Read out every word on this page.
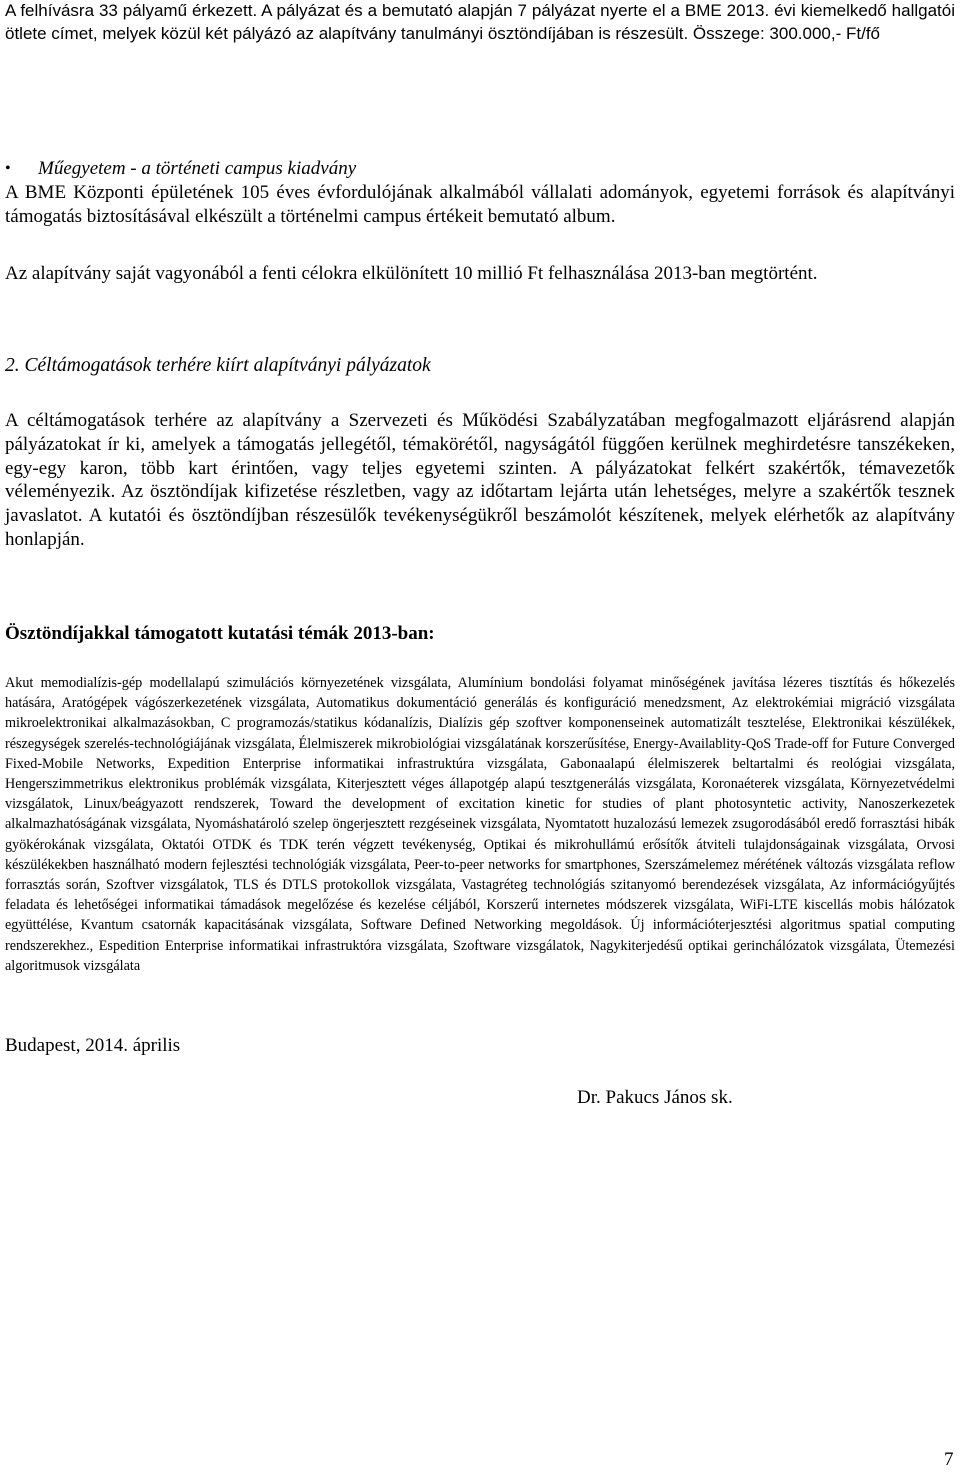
A felhívásra 33 pályamű érkezett. A pályázat és a bemutató alapján 7 pályázat nyerte el a BME 2013. évi kiemelkedő hallgatói ötlete címet, melyek közül két pályázó az alapítvány tanulmányi ösztöndíjában is részesült. Összege: 300.000,- Ft/fő

• Műegyetem - a történeti campus kiadvány

A BME Központi épületének 105 éves évfordulójának alkalmából vállalati adományok, egyetemi források és alapítványi támogatás biztosításával elkészült a történelmi campus értékeit bemutató album.

Az alapítvány saját vagyonából a fenti célokra elkülönített 10 millió Ft felhasználása 2013-ban megtörtént.

2. Céltámogatások terhére kiírt alapítványi pályázatok

A céltámogatások terhére az alapítvány a Szervezeti és Működési Szabályzatában megfogalmazott eljárásrend alapján pályázatokat ír ki, amelyek a támogatás jellegétől, témakörétől, nagyságától függően kerülnek meghirdetésre tanszékeken, egy-egy karon, több kart érintően, vagy teljes egyetemi szinten. A pályázatokat felkért szakértők, témavezetők véleményezik. Az ösztöndíjak kifizetése részletben, vagy az időtartam lejárta után lehetséges, melyre a szakértők tesznek javaslatot. A kutatói és ösztöndíjban részesülők tevékenységükről beszámolót készítenek, melyek elérhetők az alapítvány honlapján.

Ösztöndíjakkal támogatott kutatási témák 2013-ban:

Akut memodialízis-gép modellalapú szimulációs környezetének vizsgálata, Alumínium bondolási folyamat minőségének javítása lézeres tisztítás és hőkezelés hatására, Aratógépek vágószerkezetének vizsgálata, Automatikus dokumentáció generálás és konfiguráció menedzsment, Az elektrokémiai migráció vizsgálata mikroelektronikai alkalmazásokban, C programozás/statikus kódanalízis, Dialízis gép szoftver komponenseinek automatizált tesztelése, Elektronikai készülékek, részegységek szerelés-technológiájának vizsgálata, Élelmiszerek mikrobiológiai vizsgálatának korszerűsítése, Energy-Availablity-QoS Trade-off for Future Converged Fixed-Mobile Networks, Expedition Enterprise informatikai infrastruktúra vizsgálata, Gabonaalapú élelmiszerek beltartalmi és reológiai vizsgálata, Hengerszimmetrikus elektronikus problémák vizsgálata, Kiterjesztett véges állapotgép alapú tesztgenerálás vizsgálata, Koronaéterek vizsgálata, Környezetvédelmi vizsgálatok, Linux/beágyazott rendszerek, Toward the development of excitation kinetic for studies of plant photosyntetic activity, Nanoszerkezetek alkalmazhatóságának vizsgálata, Nyomáshatároló szelep öngerjesztett rezgéseinek vizsgálata, Nyomtatott huzalozású lemezek zsugorodásából eredő forrasztási hibák gyökérokának vizsgálata, Oktatói OTDK és TDK terén végzett tevékenység, Optikai és mikrohullámú erősítők átviteli tulajdonságainak vizsgálata, Orvosi készülékekben használható modern fejlesztési technológiák vizsgálata, Peer-to-peer networks for smartphones, Szerszámelemez mérétének változás vizsgálata reflow forrasztás során, Szoftver vizsgálatok, TLS és DTLS protokollok vizsgálata, Vastagréteg technológiás szitanyomó berendezések vizsgálata, Az információgyűjtés feladata és lehetőségei informatikai támadások megelőzése és kezelése céljából, Korszerű internetes módszerek vizsgálata, WiFi-LTE kiscellás mobis hálózatok együttélése, Kvantum csatornák kapacitásának vizsgálata, Software Defined Networking megoldások. Új információterjesztési algoritmus spatial computing rendszerekhez., Espedition Enterprise informatikai infrastruktóra vizsgálata, Szoftware vizsgálatok, Nagykiterjedésű optikai gerinchálózatok vizsgálata, Ütemezési algoritmusok vizsgálata

Budapest, 2014. április

Dr. Pakucs János sk.

7
